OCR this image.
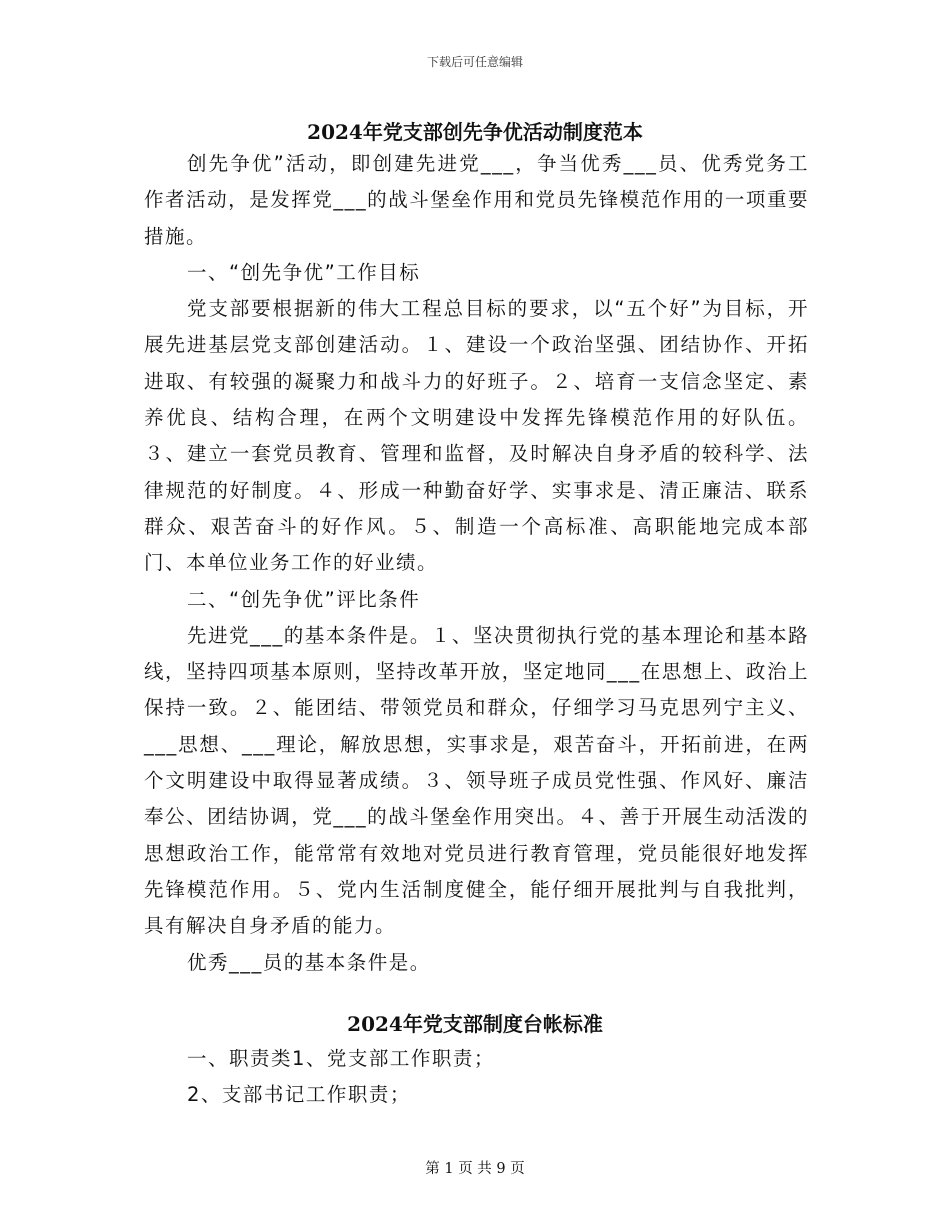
下载后可任意编辑
2024年党支部创先争优活动制度范本

创先争优”活动，即创建先进党___，争当优秀___员、优秀党务工作者活动，是发挥党___的战斗堡垒作用和党员先锋模范作用的一项重要措施。

一、“创先争优”工作目标

党支部要根据新的伟大工程总目标的要求，以“五个好”为目标，开展先进基层党支部创建活动。１、建设一个政治坚强、团结协作、开拓进取、有较强的凝聚力和战斗力的好班子。２、培育一支信念坚定、素养优良、结构合理，在两个文明建设中发挥先锋模范作用的好队伍。３、建立一套党员教育、管理和监督，及时解决自身矛盾的较科学、法律规范的好制度。４、形成一种勤奋好学、实事求是、清正廉洁、联系群众、艰苦奋斗的好作风。５、制造一个高标准、高职能地完成本部门、本单位业务工作的好业绩。

二、“创先争优”评比条件

先进党___的基本条件是。１、坚决贯彻执行党的基本理论和基本路线，坚持四项基本原则，坚持改革开放，坚定地同___在思想上、政治上保持一致。２、能团结、带领党员和群众，仔细学习马克思列宁主义、___思想、___理论，解放思想，实事求是，艰苦奋斗，开拓前进，在两个文明建设中取得显著成绩。３、领导班子成员党性强、作风好、廉洁奉公、团结协调，党___的战斗堡垒作用突出。４、善于开展生动活泼的思想政治工作，能常常有效地对党员进行教育管理，党员能很好地发挥先锋模范作用。５、党内生活制度健全，能仔细开展批判与自我批判，具有解决自身矛盾的能力。

优秀___员的基本条件是。

2024年党支部制度台帐标准

一、职责类1、党支部工作职责；

2、支部书记工作职责；

第 1 页 共 9 页
